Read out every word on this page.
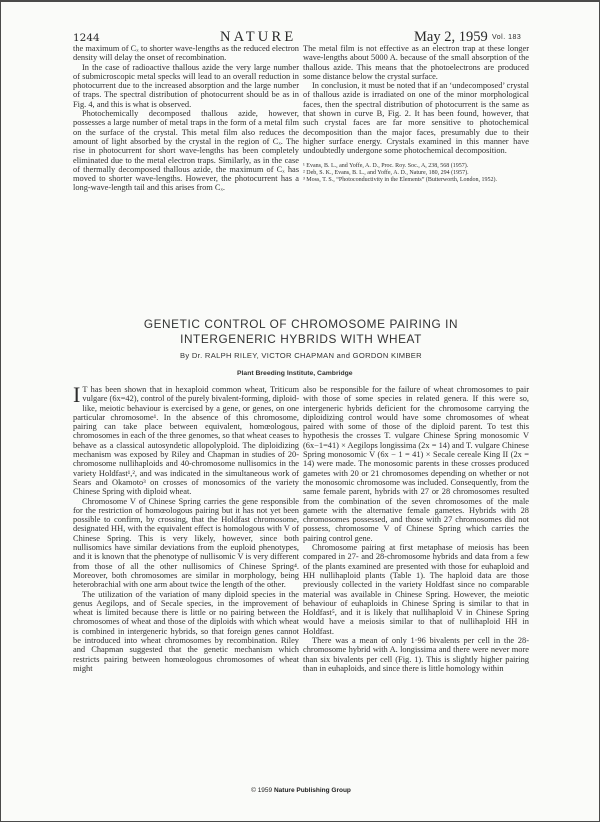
1244	NATURE	May 2, 1959 Vol. 183

the maximum of Cₓ to shorter wave-lengths as the reduced electron density will delay the onset of recombination.

In the case of radioactive thallous azide the very large number of submicroscopic metal specks will lead to an overall reduction in photocurrent due to the increased absorption and the large number of traps. The spectral distribution of photocurrent should be as in Fig. 4, and this is what is observed.

Photochemically decomposed thallous azide, however, possesses a large number of metal traps in the form of a metal film on the surface of the crystal. This metal film also reduces the amount of light absorbed by the crystal in the region of Cₓ. The rise in photocurrent for short wave-lengths has been completely eliminated due to the metal electron traps. Similarly, as in the case of thermally decomposed thallous azide, the maximum of Cₓ has moved to shorter wave-lengths. However, the photocurrent has a long-wave-length tail and this arises from Cₓ.

The metal film is not effective as an electron trap at these longer wave-lengths about 5000 A. because of the small absorption of the thallous azide. This means that the photoelectrons are produced some distance below the crystal surface.

In conclusion, it must be noted that if an ‘undecomposed’ crystal of thallous azide is irradiated on one of the minor morphological faces, then the spectral distribution of photocurrent is the same as that shown in curve B, Fig. 2. It has been found, however, that such crystal faces are far more sensitive to photochemical decomposition than the major faces, presumably due to their higher surface energy. Crystals examined in this manner have undoubtedly undergone some photochemical decomposition.

¹ Evans, B. L., and Yoffe, A. D., Proc. Roy. Soc., A, 238, 568 (1957).
² Deb, S. K., Evans, B. L., and Yoffe, A. D., Nature, 180, 294 (1957).
³ Moss, T. S., “Photoconductivity in the Elements” (Butterworth, London, 1952).
GENETIC CONTROL OF CHROMOSOME PAIRING IN
INTERGENERIC HYBRIDS WITH WHEAT
By Dr. RALPH RILEY, VICTOR CHAPMAN and GORDON KIMBER
Plant Breeding Institute, Cambridge

I T has been shown that in hexaploid common wheat, Triticum vulgare (6x=42), control of the purely bivalent-forming, diploid-like, meiotic behaviour is exercised by a gene, or genes, on one particular chromosome¹. In the absence of this chromosome, pairing can take place between equivalent, homœologous, chromosomes in each of the three genomes, so that wheat ceases to behave as a classical autosyndetic allopolyploid. The diploidizing mechanism was exposed by Riley and Chapman in studies of 20-chromosome nullihaploids and 40-chromosome nullisomics in the variety Holdfast¹,², and was indicated in the simultaneous work of Sears and Okamoto³ on crosses of monosomics of the variety Chinese Spring with diploid wheat.

Chromosome V of Chinese Spring carries the gene responsible for the restriction of homœologous pairing but it has not yet been possible to confirm, by crossing, that the Holdfast chromosome, designated HH, with the equivalent effect is homologous with V of Chinese Spring. This is very likely, however, since both nullisomics have similar deviations from the euploid phenotypes, and it is known that the phenotype of nullisomic V is very different from those of all the other nullisomics of Chinese Spring⁴. Moreover, both chromosomes are similar in morphology, being heterobrachial with one arm about twice the length of the other.

The utilization of the variation of many diploid species in the genus Aegilops, and of Secale species, in the improvement of wheat is limited because there is little or no pairing between the chromosomes of wheat and those of the diploids with which wheat is combined in intergeneric hybrids, so that foreign genes cannot be introduced into wheat chromosomes by recombination. Riley and Chapman suggested that the genetic mechanism which restricts pairing between homœologous chromosomes of wheat might

also be responsible for the failure of wheat chromosomes to pair with those of some species in related genera. If this were so, intergeneric hybrids deficient for the chromosome carrying the diploidizing control would have some chromosomes of wheat paired with some of those of the diploid parent. To test this hypothesis the crosses T. vulgare Chinese Spring monosomic V (6x−1=41) × Aegilops longissima (2x = 14) and T. vulgare Chinese Spring monosomic V (6x − 1 = 41) × Secale cereale King II (2x = 14) were made. The monosomic parents in these crosses produced gametes with 20 or 21 chromosomes depending on whether or not the monosomic chromosome was included. Consequently, from the same female parent, hybrids with 27 or 28 chromosomes resulted from the combination of the seven chromosomes of the male gamete with the alternative female gametes. Hybrids with 28 chromosomes possessed, and those with 27 chromosomes did not possess, chromosome V of Chinese Spring which carries the pairing control gene.

Chromosome pairing at first metaphase of meiosis has been compared in 27- and 28-chromosome hybrids and data from a few of the plants examined are presented with those for euhaploid and HH nullihaploid plants (Table 1). The haploid data are those previously collected in the variety Holdfast since no comparable material was available in Chinese Spring. However, the meiotic behaviour of euhaploids in Chinese Spring is similar to that in Holdfast⁵, and it is likely that nullihaploid V in Chinese Spring would have a meiosis similar to that of nullihaploid HH in Holdfast.

There was a mean of only 1·96 bivalents per cell in the 28-chromosome hybrid with A. longissima and there were never more than six bivalents per cell (Fig. 1). This is slightly higher pairing than in euhaploids, and since there is little homology within

© 1959 Nature Publishing Group
